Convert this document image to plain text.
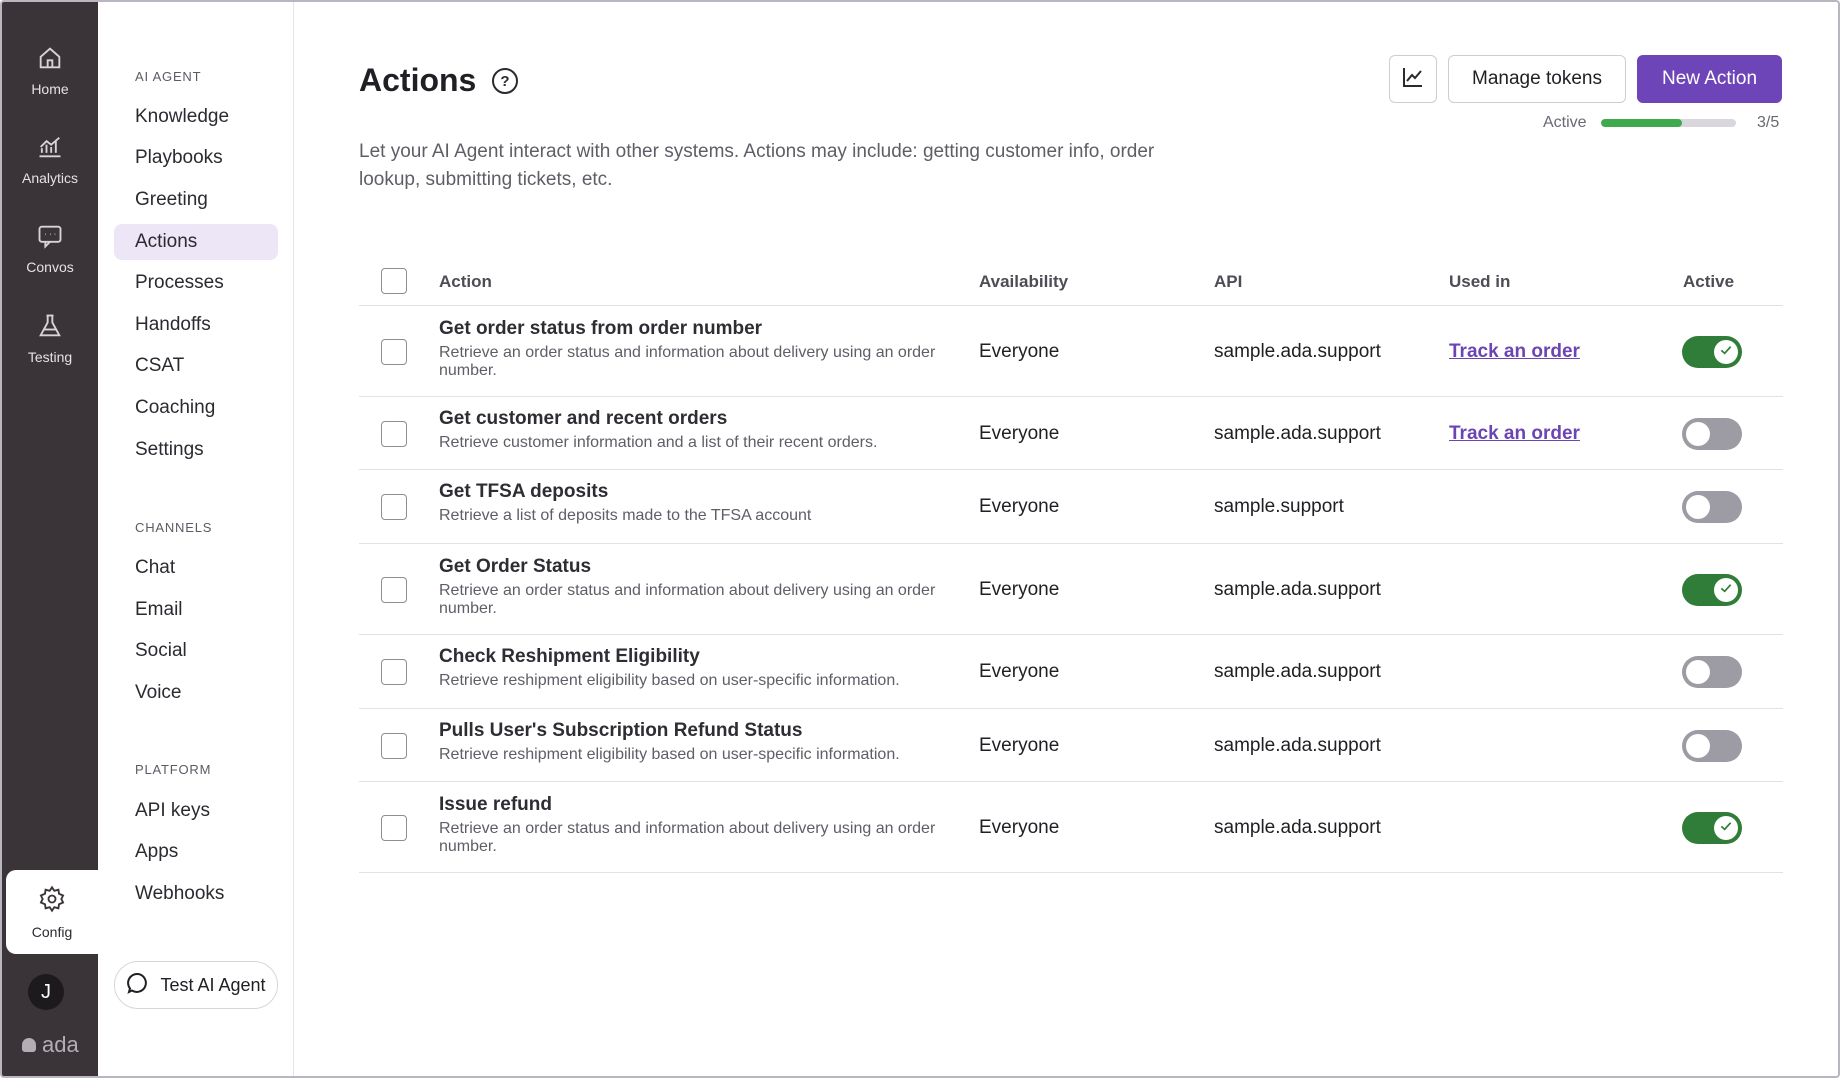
Home
Analytics
Convos
Testing
Config
J
ada
AI AGENT
Knowledge
Playbooks
Greeting
Actions
Processes
Handoffs
CSAT
Coaching
Settings
CHANNELS
Chat
Email
Social
Voice
PLATFORM
API keys
Apps
Webhooks
Test AI Agent
Actions	?

Let your AI Agent interact with other systems. Actions may include: getting customer info, order lookup, submitting tickets, etc.

Manage tokens	New Action
Active	3/5
Action	Availability	API	Used in	Active
Get order status from order number
Retrieve an order status and information about delivery using an order number.
Everyone	sample.ada.support	Track an order
Get customer and recent orders
Retrieve customer information and a list of their recent orders.	Everyone	sample.ada.support	Track an order
Get TFSA deposits
Retrieve a list of deposits made to the TFSA account	Everyone	sample.support
Get Order Status
Retrieve an order status and information about delivery using an order number.
Everyone	sample.ada.support
Check Reshipment Eligibility
Retrieve reshipment eligibility based on user-specific information.	Everyone	sample.ada.support
Pulls User's Subscription Refund Status
Retrieve reshipment eligibility based on user-specific information.	Everyone	sample.ada.support
Issue refund
Retrieve an order status and information about delivery using an order number.
Everyone	sample.ada.support
